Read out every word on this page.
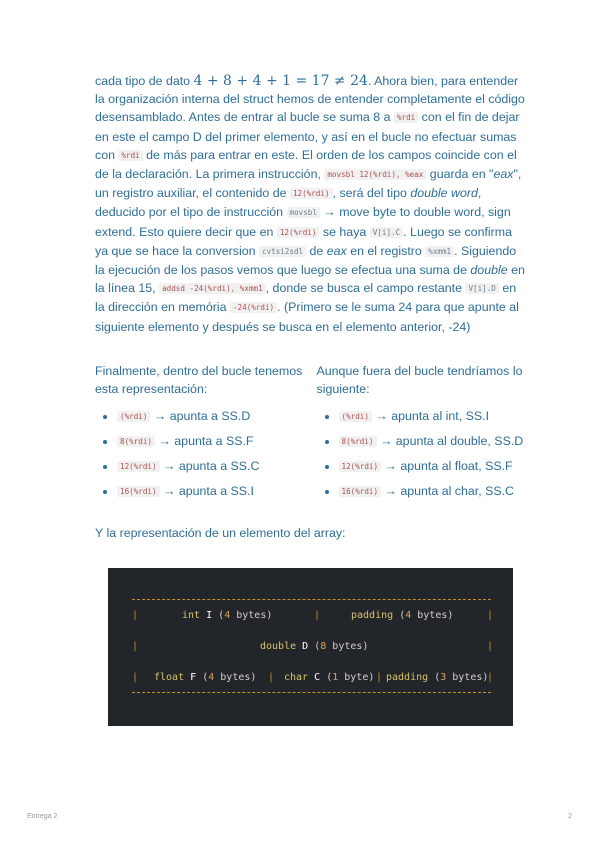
cada tipo de dato 4 + 8 + 4 + 1 = 17 ≠ 24. Ahora bien, para entender la organización interna del struct hemos de entender completamente el código desensamblado. Antes de entrar al bucle se suma 8 a %rdi con el fin de dejar en este el campo D del primer elemento, y así en el bucle no efectuar sumas con %rdi de más para entrar en este. El orden de los campos coincide con el de la declaración. La primera instrucción, movsbl 12(%rdi), %eax guarda en "eax", un registro auxiliar, el contenido de 12(%rdi) , será del tipo double word, deducido por el tipo de instrucción movsbl → move byte to double word, sign extend. Esto quiere decir que en 12(%rdi) se haya V[i].C . Luego se confirma ya que se hace la conversion cvtsi2sdl de eax en el registro %xmm1 . Siguiendo la ejecución de los pasos vemos que luego se efectua una suma de double en la línea 15, addsd -24(%rdi), %xmm1 , donde se busca el campo restante V[i].D en la dirección en memória -24(%rdi) . (Primero se le suma 24 para que apunte al siguiente elemento y después se busca en el elemento anterior, -24)

Finalmente, dentro del bucle tenemos esta representación:

• (%rdi) → apunta a SS.D
• 8(%rdi) → apunta a SS.F
• 12(%rdi) → apunta a SS.C
• 16(%rdi) → apunta a SS.I

Aunque fuera del bucle tendríamos lo siguiente:

• (%rdi) → apunta al int, SS.I
• 8(%rdi) → apunta al double, SS.D
• 12(%rdi) → apunta al float, SS.F
• 16(%rdi) → apunta al char, SS.C

Y la representación de un elemento del array:

|

	int I (4 bytes)

	|

	padding (4 bytes)

	|

|

	double D (8 bytes)

	|

|

float F (4 bytes)

|

char C (1 byte)

|

padding (3 bytes)

|

Entrega 2	2
